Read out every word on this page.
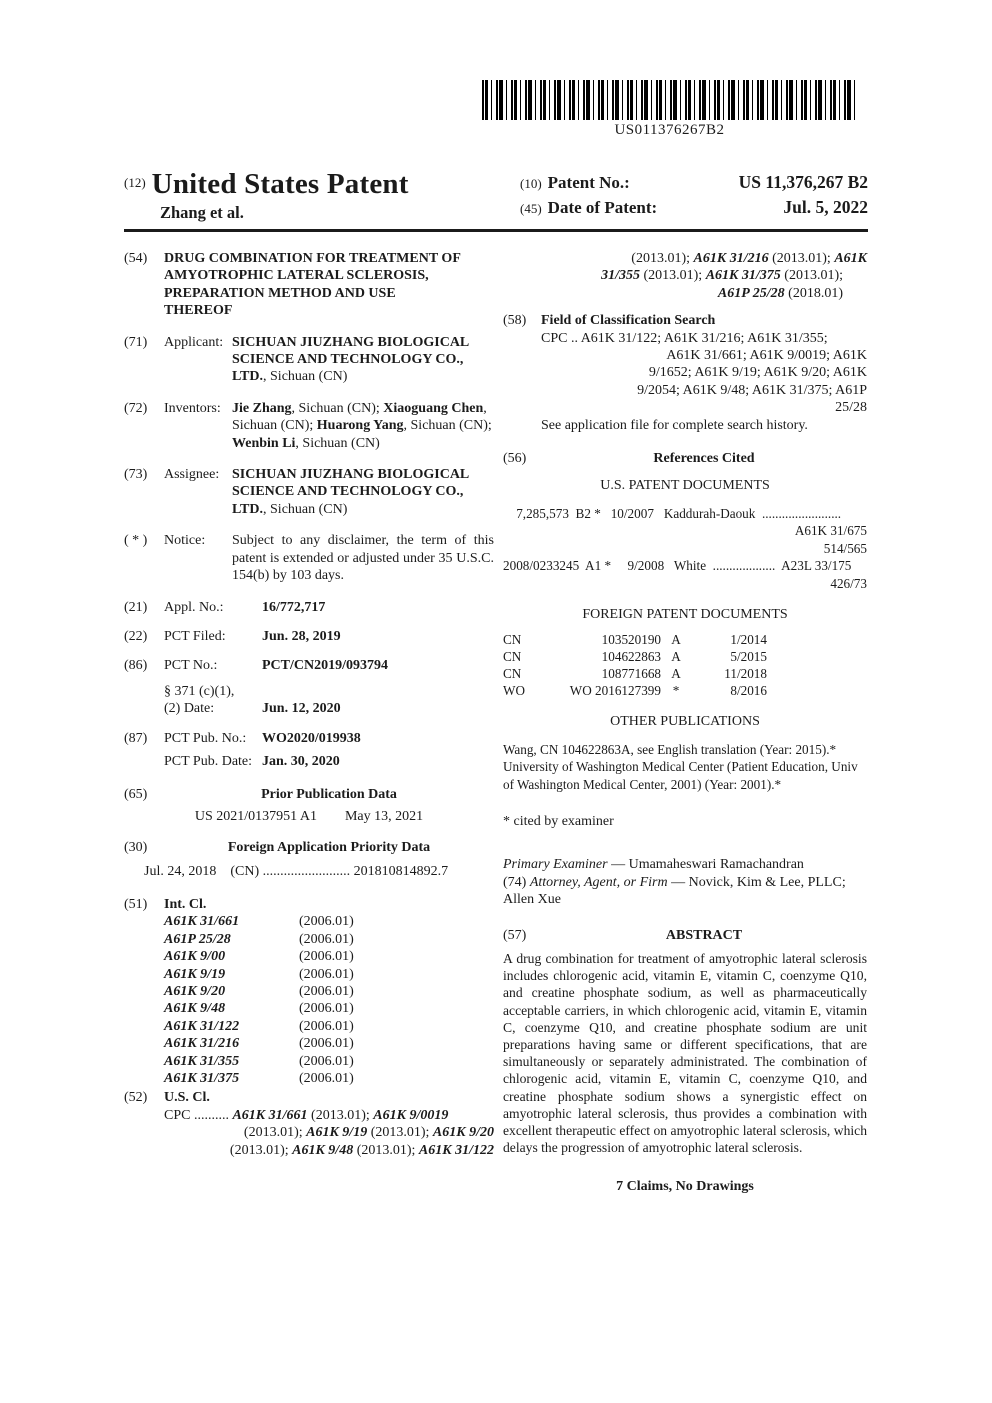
US011376267B2
$^{(12)}$ United States Patent
Zhang et al.
(10) Patent No.:	US 11,376,267 B2
(45) Date of Patent:	Jul. 5, 2022
(54)	DRUG COMBINATION FOR TREATMENT OF AMYOTROPHIC LATERAL SCLEROSIS, PREPARATION METHOD AND USE THEREOF
(71)	Applicant: SICHUAN JIUZHANG BIOLOGICAL SCIENCE AND TECHNOLOGY CO., LTD., Sichuan (CN)
(72)	Inventors: Jie Zhang, Sichuan (CN); Xiaoguang Chen, Sichuan (CN); Huarong Yang, Sichuan (CN); Wenbin Li, Sichuan (CN)
(73)	Assignee: SICHUAN JIUZHANG BIOLOGICAL SCIENCE AND TECHNOLOGY CO., LTD., Sichuan (CN)
( * )	Notice:	Subject to any disclaimer, the term of this patent is extended or adjusted under 35 U.S.C. 154(b) by 103 days.
(21)	Appl. No.:	16/772,717
(22)	PCT Filed:	Jun. 28, 2019
(86)	PCT No.:	PCT/CN2019/093794
§ 371 (c)(1),
(2) Date:	Jun. 12, 2020
(87)	PCT Pub. No.:	WO2020/019938
PCT Pub. Date: Jan. 30, 2020
(65)	Prior Publication Data
US 2021/0137951 A1        May 13, 2021
(30)	Foreign Application Priority Data
Jul. 24, 2018    (CN) ......................... 201810814892.7
(51)	Int. Cl.
A61K 31/661	(2006.01)
A61P 25/28	(2006.01)
A61K 9/00	(2006.01)
A61K 9/19	(2006.01)
A61K 9/20	(2006.01)
A61K 9/48	(2006.01)
A61K 31/122	(2006.01)
A61K 31/216	(2006.01)
A61K 31/355	(2006.01)
A61K 31/375	(2006.01)
(52)	U.S. Cl.
CPC .......... A61K 31/661 (2013.01); A61K 9/0019
(2013.01); A61K 9/19 (2013.01); A61K 9/20
(2013.01); A61K 9/48 (2013.01); A61K 31/122
(2013.01); A61K 31/216 (2013.01); A61K
31/355 (2013.01); A61K 31/375 (2013.01);
A61P 25/28 (2018.01)
(58)	Field of Classification Search
CPC .. A61K 31/122; A61K 31/216; A61K 31/355;
A61K 31/661; A61K 9/0019; A61K
9/1652; A61K 9/19; A61K 9/20; A61K
9/2054; A61K 9/48; A61K 31/375; A61P
25/28
See application file for complete search history.
(56)	References Cited
U.S. PATENT DOCUMENTS
7,285,573  B2 *   10/2007   Kaddurah-Daouk  ........................
A61K 31/675
514/565
2008/0233245  A1 *     9/2008   White  ...................  A23L 33/175
426/73
FOREIGN PATENT DOCUMENTS
CN	103520190 A	1/2014
CN	104622863 A	5/2015
CN	108771668 A	11/2018
WO	WO 2016127399 *	8/2016
OTHER PUBLICATIONS
Wang, CN 104622863A, see English translation (Year: 2015).*
University of Washington Medical Center (Patient Education, Univ of Washington Medical Center, 2001) (Year: 2001).*
* cited by examiner
Primary Examiner — Umamaheswari Ramachandran
(74) Attorney, Agent, or Firm — Novick, Kim & Lee, PLLC; Allen Xue
(57)	ABSTRACT
A drug combination for treatment of amyotrophic lateral sclerosis includes chlorogenic acid, vitamin E, vitamin C, coenzyme Q10, and creatine phosphate sodium, as well as pharmaceutically acceptable carriers, in which chlorogenic acid, vitamin E, vitamin C, coenzyme Q10, and creatine phosphate sodium are unit preparations having same or different specifications, that are simultaneously or separately administrated. The combination of chlorogenic acid, vitamin E, vitamin C, coenzyme Q10, and creatine phosphate sodium shows a synergistic effect on amyotrophic lateral sclerosis, thus provides a combination with excellent therapeutic effect on amyotrophic lateral sclerosis, which delays the progression of amyotrophic lateral sclerosis.
7 Claims, No Drawings
